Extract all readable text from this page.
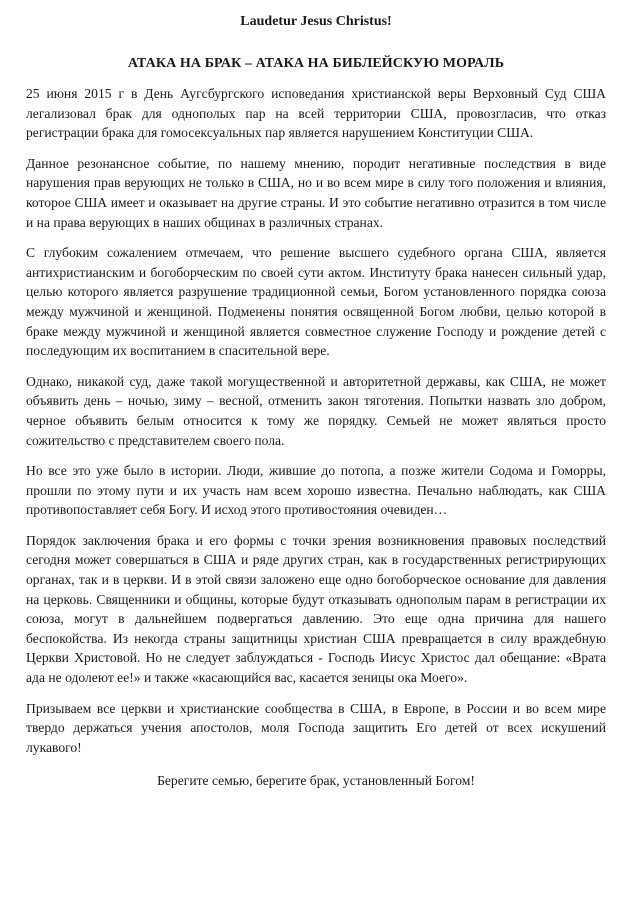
Laudetur Jesus Christus!
АТАКА НА БРАК – АТАКА НА БИБЛЕЙСКУЮ МОРАЛЬ

25 июня 2015 г в День Аугсбургского исповедания христианской веры Верховный Суд США легализовал брак для однополых пар на всей территории США, провозгласив, что отказ регистрации брака для гомосексуальных пар является нарушением Конституции США.

Данное резонансное событие, по нашему мнению, породит негативные последствия в виде нарушения прав верующих не только в США, но и во всем мире в силу того положения и влияния, которое США имеет и оказывает на другие страны. И это событие негативно отразится в том числе и на права верующих в наших общинах в различных странах.

С глубоким сожалением отмечаем, что решение высшего судебного органа США, является антихристианским и богоборческим по своей сути актом. Институту брака нанесен сильный удар, целью которого является разрушение традиционной семьи, Богом установленного порядка союза между мужчиной и женщиной. Подменены понятия освященной Богом любви, целью которой в браке между мужчиной и женщиной является совместное служение Господу и рождение детей с последующим их воспитанием в спасительной вере.

Однако, никакой суд, даже такой могущественной и авторитетной державы, как США, не может объявить день – ночью, зиму – весной, отменить закон тяготения. Попытки назвать зло добром, черное объявить белым относится к тому же порядку. Семьей не может являться просто сожительство с представителем своего пола.

Но все это уже было в истории. Люди, жившие до потопа, а позже жители Содома и Гоморры, прошли по этому пути и их участь нам всем хорошо известна. Печально наблюдать, как США противопоставляет себя Богу. И исход этого противостояния очевиден…

Порядок заключения брака и его формы с точки зрения возникновения правовых последствий сегодня может совершаться в США и ряде других стран, как в государственных регистрирующих органах, так и в церкви. И в этой связи заложено еще одно богоборческое основание для давления на церковь. Священники и общины, которые будут отказывать однополым парам в регистрации их союза, могут в дальнейшем подвергаться давлению. Это еще одна причина для нашего беспокойства. Из некогда страны защитницы христиан США превращается в силу враждебную Церкви Христовой. Но не следует заблуждаться - Господь Иисус Христос дал обещание: «Врата ада не одолеют ее!» и также «касающийся вас, касается зеницы ока Моего».

Призываем все церкви и христианские сообщества в США, в Европе, в России и во всем мире твердо держаться учения апостолов, моля Господа защитить Его детей от всех искушений лукавого!

Берегите семью, берегите брак, установленный Богом!
